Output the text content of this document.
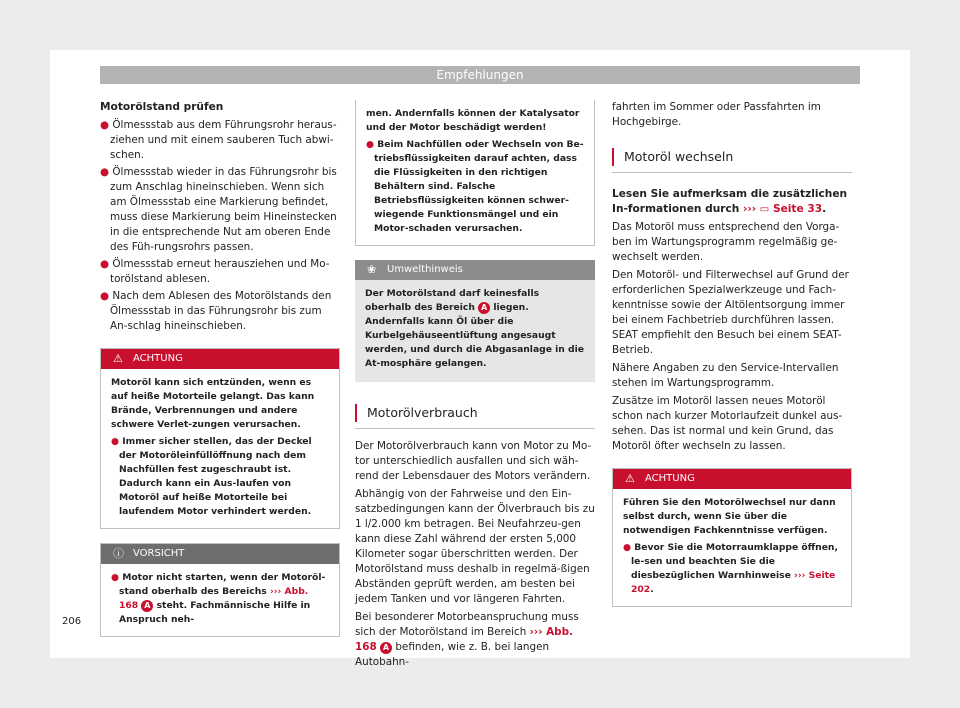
Empfehlungen
Motorölstand prüfen

● Ölmessstab aus dem Führungsrohr heraus-ziehen und mit einem sauberen Tuch abwi-schen.

● Ölmessstab wieder in das Führungsrohr bis zum Anschlag hineinschieben. Wenn sich am Ölmessstab eine Markierung befindet, muss diese Markierung beim Hineinstecken in die entsprechende Nut am oberen Ende des Füh-rungsrohrs passen.

● Ölmessstab erneut herausziehen und Mo-torölstand ablesen.

● Nach dem Ablesen des Motorölstands den Ölmessstab in das Führungsrohr bis zum An-schlag hineinschieben.

⚠ ACHTUNG

Motoröl kann sich entzünden, wenn es auf heiße Motorteile gelangt. Das kann Brände, Verbrennungen und andere schwere Verlet-zungen verursachen.

● Immer sicher stellen, das der Deckel der Motoröleinfüllöffnung nach dem Nachfüllen fest zugeschraubt ist. Dadurch kann ein Aus-laufen von Motoröl auf heiße Motorteile bei laufendem Motor verhindert werden.

ⓘ VORSICHT

● Motor nicht starten, wenn der Motoröl-stand oberhalb des Bereichs ››› Abb. 168 A steht. Fachmännische Hilfe in Anspruch neh-

men. Andernfalls können der Katalysator und der Motor beschädigt werden!

● Beim Nachfüllen oder Wechseln von Be-triebsflüssigkeiten darauf achten, dass die Flüssigkeiten in den richtigen Behältern sind. Falsche Betriebsflüssigkeiten können schwer-wiegende Funktionsmängel und ein Motor-schaden verursachen.

❀ Umwelthinweis

Der Motorölstand darf keinesfalls oberhalb des Bereich A liegen. Andernfalls kann Öl über die Kurbelgehäuseentlüftung angesaugt werden, und durch die Abgasanlage in die At-mosphäre gelangen.

Motorölverbrauch

Der Motorölverbrauch kann von Motor zu Mo-tor unterschiedlich ausfallen und sich wäh-rend der Lebensdauer des Motors verändern.

Abhängig von der Fahrweise und den Ein-satzbedingungen kann der Ölverbrauch bis zu 1 l/2.000 km betragen. Bei Neufahrzeu-gen kann diese Zahl während der ersten 5,000 Kilometer sogar überschritten werden. Der Motorölstand muss deshalb in regelmä-ßigen Abständen geprüft werden, am besten bei jedem Tanken und vor längeren Fahrten.

Bei besonderer Motorbeanspruchung muss sich der Motorölstand im Bereich ››› Abb. 168 A befinden, wie z. B. bei langen Autobahn-

fahrten im Sommer oder Passfahrten im Hochgebirge.

Motoröl wechseln

Lesen Sie aufmerksam die zusätzlichen In-formationen durch ››› ▭ Seite 33.

Das Motoröl muss entsprechend den Vorga-ben im Wartungsprogramm regelmäßig ge-wechselt werden.

Den Motoröl- und Filterwechsel auf Grund der erforderlichen Spezialwerkzeuge und Fach-kenntnisse sowie der Altölentsorgung immer bei einem Fachbetrieb durchführen lassen. SEAT empfiehlt den Besuch bei einem SEAT-Betrieb.

Nähere Angaben zu den Service-Intervallen stehen im Wartungsprogramm.

Zusätze im Motoröl lassen neues Motoröl schon nach kurzer Motorlaufzeit dunkel aus-sehen. Das ist normal und kein Grund, das Motoröl öfter wechseln zu lassen.

⚠ ACHTUNG

Führen Sie den Motorölwechsel nur dann selbst durch, wenn Sie über die notwendigen Fachkenntnisse verfügen.

● Bevor Sie die Motorraumklappe öffnen, le-sen und beachten Sie die diesbezüglichen Warnhinweise ››› Seite 202.

206
